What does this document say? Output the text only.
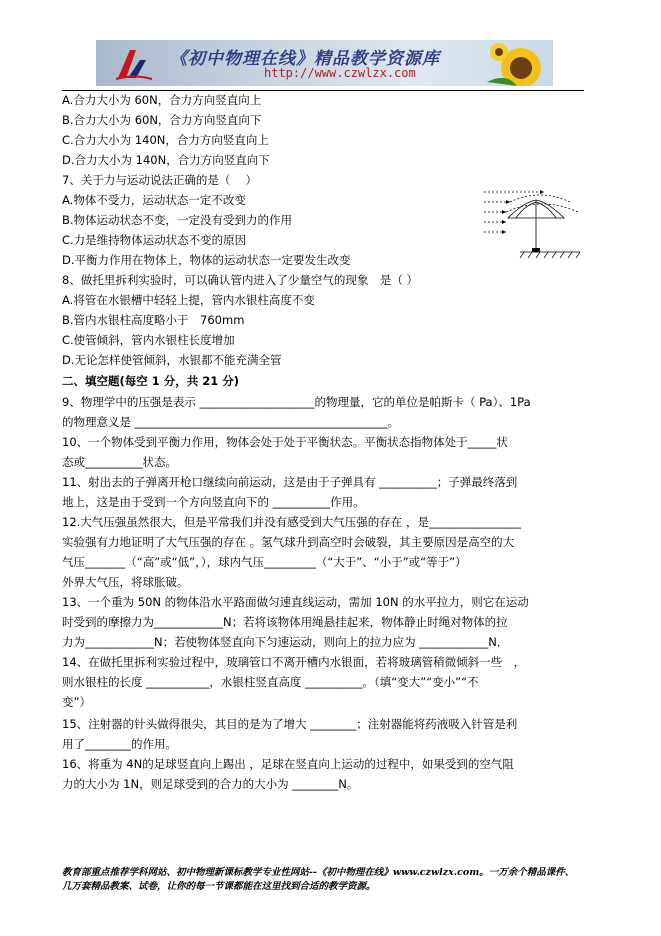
《初中物理在线》精品教学资源库
http://www.czwlzx.com
A.合力大小为 60N，合力方向竖直向上
B.合力大小为 60N，合力方向竖直向下
C.合力大小为 140N，合力方向竖直向上
D.合力大小为 140N，合力方向竖直向下
7、关于力与运动说法正确的是（　 ）
A.物体不受力，运动状态一定不改变
B.物体运动状态不变，一定没有受到力的作用
C.力是维持物体运动状态不变的原因
D.平衡力作用在物体上，物体的运动状态一定要发生改变
8、做托里拆利实验时，可以确认管内进入了少量空气的现象　是（ ）
A.将管在水银槽中轻轻上提，管内水银柱高度不变
B.管内水银柱高度略小于　760mm
C.使管倾斜，管内水银柱长度增加
D.无论怎样使管倾斜，水银都不能充满全管
二、填空题(每空 1 分，共 21 分)
9、物理学中的压强是表示 ____________________的物理量，它的单位是帕斯卡（ Pa）、1Pa
的物理意义是 ____________________________________________。
10、一个物体受到平衡力作用，物体会处于处于平衡状态。平衡状态指物体处于_____状
态或__________状态。
11、射出去的子弹离开枪口继续向前运动，这是由于子弹具有 __________；子弹最终落到
地上，这是由于受到一个方向竖直向下的 __________作用。
12.大气压强虽然很大，但是平常我们并没有感受到大气压强的存在 ，是________________
实验强有力地证明了大气压强的存在 。氢气球升到高空时会破裂，其主要原因是高空的大
气压_______（“高”或“低”，），球内气压_________（“大于”、“小于”或“等于”）
外界大气压，将球胀破。
13、一个重为 50N 的物体沿水平路面做匀速直线运动，需加 10N 的水平拉力，则它在运动
时受到的摩擦力为____________N；若将该物体用绳悬挂起来，物体静止时绳对物体的拉
力为____________N；若使物体竖直向下匀速运动，则向上的拉力应为 ____________N．
14、在做托里拆利实验过程中，玻璃管口不离开槽内水银面，若将玻璃管稍微倾斜一些　，
则水银柱的长度 ___________，水银柱竖直高度 __________。（填“变大”“变小”“不
变”）
15、注射器的针头做得很尖，其目的是为了增大 ________；注射器能将药液吸入针管是利
用了________的作用。
16、将重为 4N的足球竖直向上踢出 ，足球在竖直向上运动的过程中，如果受到的空气阻
力的大小为 1N，则足球受到的合力的大小为 ________N。
教育部重点推荐学科网站、初中物理新课标教学专业性网站--《初中物理在线》www.czwlzx.com。一万余个精品课件、
几万套精品教案、试卷，让你的每一节课都能在这里找到合适的教学资源。
